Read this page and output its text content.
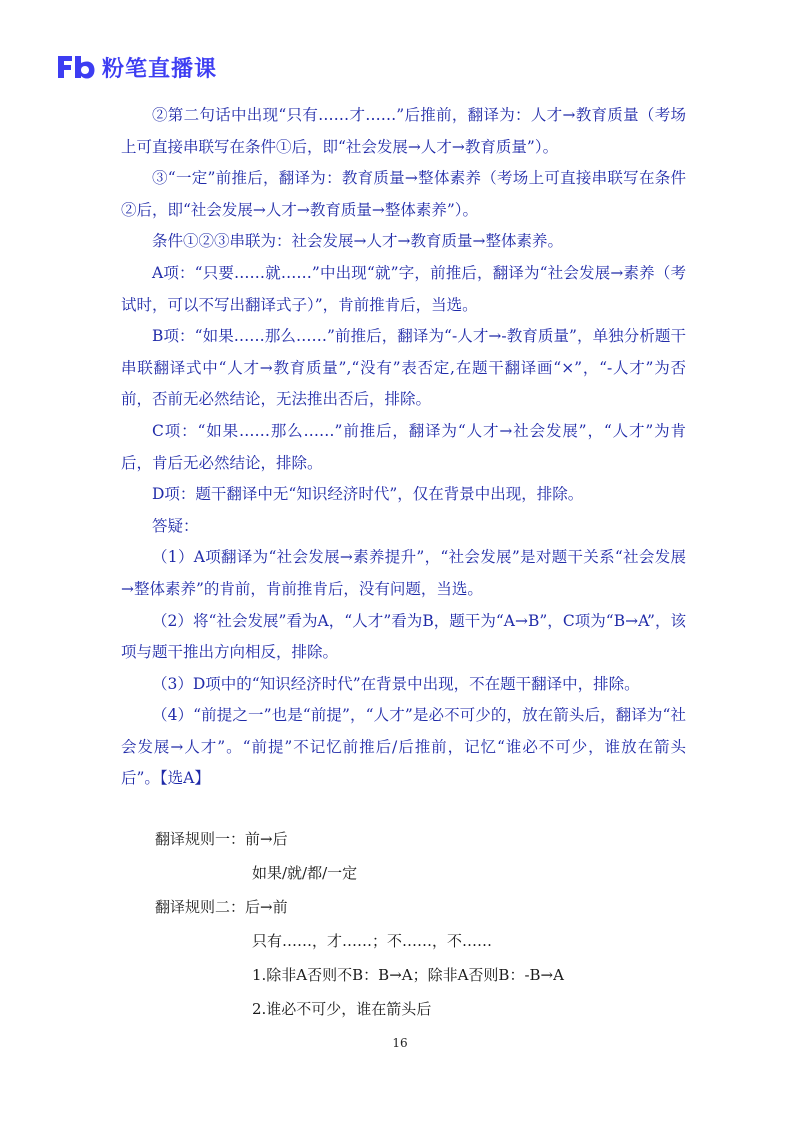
粉笔直播课

②第二句话中出现“只有……才……”后推前，翻译为：人才→教育质量（考场上可直接串联写在条件①后，即“社会发展→人才→教育质量”）。

③“一定”前推后，翻译为：教育质量→整体素养（考场上可直接串联写在条件②后，即“社会发展→人才→教育质量→整体素养”）。

条件①②③串联为：社会发展→人才→教育质量→整体素养。

A项：“只要……就……”中出现“就”字，前推后，翻译为“社会发展→素养（考试时，可以不写出翻译式子）”，肯前推肯后，当选。

B项：“如果……那么……”前推后，翻译为“-人才→-教育质量”，单独分析题干串联翻译式中“人才→教育质量”,“没有”表否定,在题干翻译画“×”，“-人才”为否前，否前无必然结论，无法推出否后，排除。

C项：“如果……那么……”前推后，翻译为“人才→社会发展”，“人才”为肯后，肯后无必然结论，排除。

D项：题干翻译中无“知识经济时代”，仅在背景中出现，排除。

答疑：

（1）A项翻译为“社会发展→素养提升”，“社会发展”是对题干关系“社会发展→整体素养”的肯前，肯前推肯后，没有问题，当选。

（2）将“社会发展”看为A，“人才”看为B，题干为“A→B”，C项为“B→A”，该项与题干推出方向相反，排除。

（3）D项中的“知识经济时代”在背景中出现，不在题干翻译中，排除。

（4）“前提之一”也是“前提”，“人才”是必不可少的，放在箭头后，翻译为“社会发展→人才”。“前提”不记忆前推后/后推前，记忆“谁必不可少，谁放在箭头后”。【选A】

翻译规则一：前→后

如果/就/都/一定

翻译规则二：后→前

只有……，才……；不……，不……

1.除非A否则不B：B→A；除非A否则B：-B→A

2.谁必不可少，谁在箭头后

16
